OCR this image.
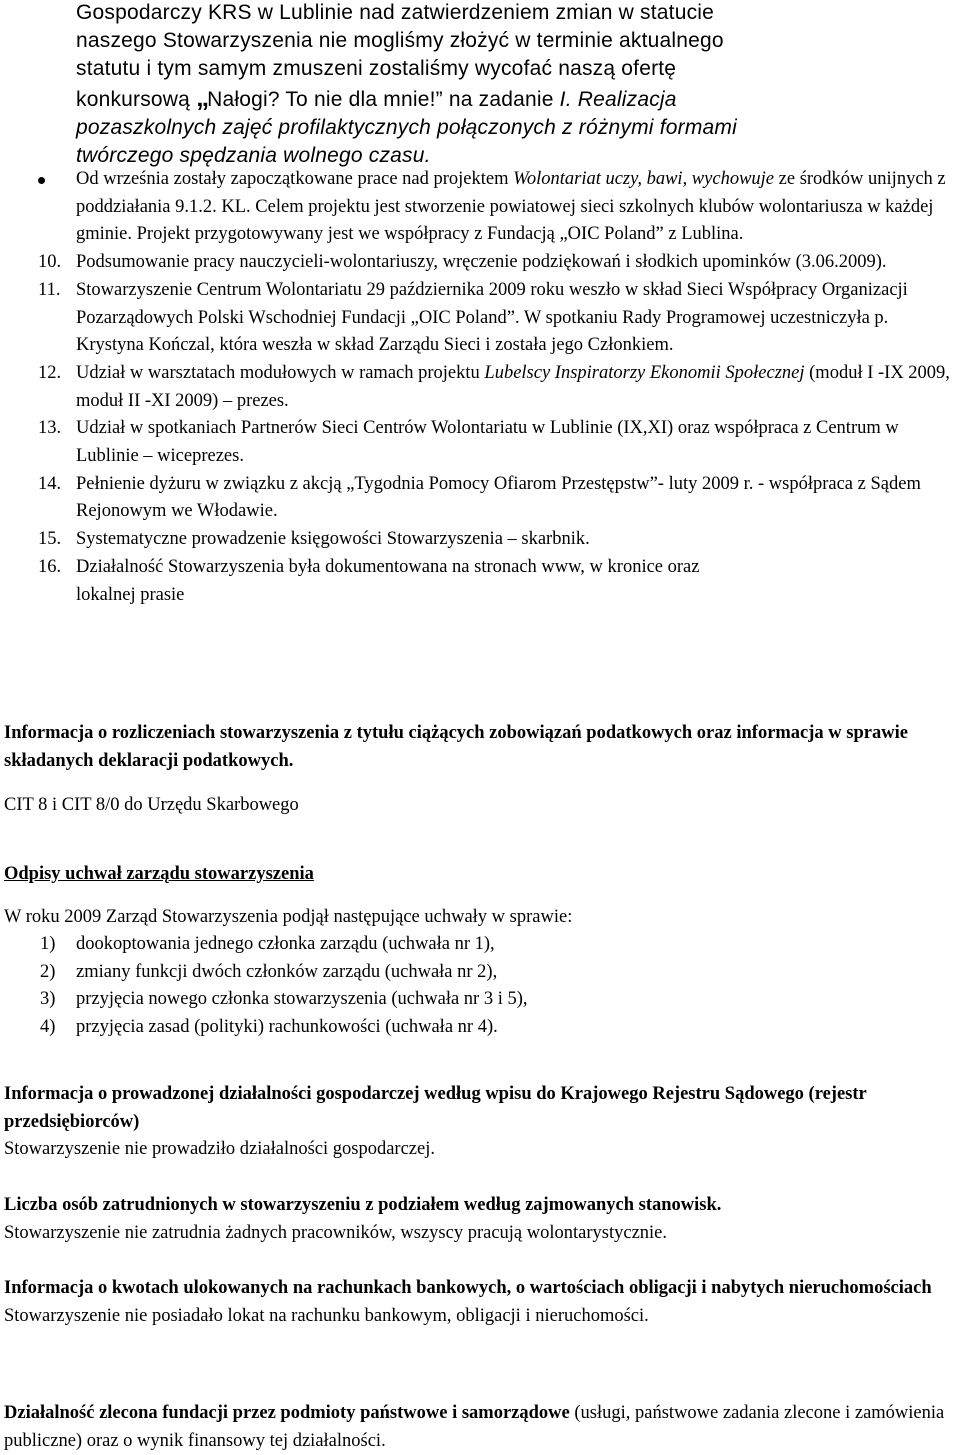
Gospodarczy KRS w Lublinie nad zatwierdzeniem zmian w statucie
naszego Stowarzyszenia nie mogliśmy złożyć w terminie aktualnego
statutu i tym samym zmuszeni zostaliśmy wycofać naszą ofertę
konkursową „Nałogi? To nie dla mnie!” na zadanie I. Realizacja
pozaszkolnych zajęć profilaktycznych połączonych z różnymi formami
twórczego spędzania wolnego czasu.
Od września zostały zapoczątkowane prace nad projektem Wolontariat uczy, bawi, wychowuje ze środków unijnych z poddziałania 9.1.2. KL. Celem projektu jest stworzenie powiatowej sieci szkolnych klubów wolontariusza w każdej gminie. Projekt przygotowywany jest we współpracy z Fundacją „OIC Poland” z Lublina.
10. Podsumowanie pracy nauczycieli-wolontariuszy, wręczenie podziękowań i słodkich upominków (3.06.2009).
11. Stowarzyszenie Centrum Wolontariatu 29 października 2009 roku weszło w skład Sieci Współpracy Organizacji Pozarządowych Polski Wschodniej Fundacji „OIC Poland”. W spotkaniu Rady Programowej uczestniczyła p. Krystyna Kończal, która weszła w skład Zarządu Sieci i została jego Członkiem.
12. Udział w warsztatach modułowych w ramach projektu Lubelscy Inspiratorzy Ekonomii Społecznej (moduł I -IX 2009, moduł II -XI 2009) – prezes.
13. Udział w spotkaniach Partnerów Sieci Centrów Wolontariatu w Lublinie (IX,XI) oraz współpraca z Centrum w Lublinie – wiceprezes.
14. Pełnienie dyżuru w związku z akcją „Tygodnia Pomocy Ofiarom Przestępstw”- luty 2009 r. - współpraca z Sądem Rejonowym we Włodawie.
15. Systematyczne prowadzenie księgowości Stowarzyszenia – skarbnik.
16. Działalność Stowarzyszenia była dokumentowana na stronach www, w kronice oraz lokalnej prasie
Informacja o rozliczeniach stowarzyszenia z tytułu ciążących zobowiązań podatkowych oraz informacja w sprawie składanych deklaracji podatkowych.
CIT 8 i CIT 8/0 do Urzędu Skarbowego
Odpisy uchwał zarządu stowarzyszenia
W roku 2009 Zarząd Stowarzyszenia podjął następujące uchwały w sprawie:
1) dookoptowania jednego członka zarządu (uchwała nr 1),
2) zmiany funkcji dwóch członków zarządu (uchwała nr 2),
3) przyjęcia nowego członka stowarzyszenia (uchwała nr 3 i 5),
4) przyjęcia zasad (polityki) rachunkowości (uchwała nr 4).
Informacja o prowadzonej działalności gospodarczej według wpisu do Krajowego Rejestru Sądowego (rejestr przedsiębiorców)
Stowarzyszenie nie prowadziło działalności gospodarczej.
Liczba osób zatrudnionych w stowarzyszeniu z podziałem według zajmowanych stanowisk.
Stowarzyszenie nie zatrudnia żadnych pracowników, wszyscy pracują wolontarystycznie.
Informacja o kwotach ulokowanych na rachunkach bankowych, o wartościach obligacji i nabytych nieruchomościach
Stowarzyszenie nie posiadało lokat na rachunku bankowym, obligacji i nieruchomości.
Działalność zlecona fundacji przez podmioty państwowe i samorządowe (usługi, państwowe zadania zlecone i zamówienia publiczne) oraz o wynik finansowy tej działalności.
